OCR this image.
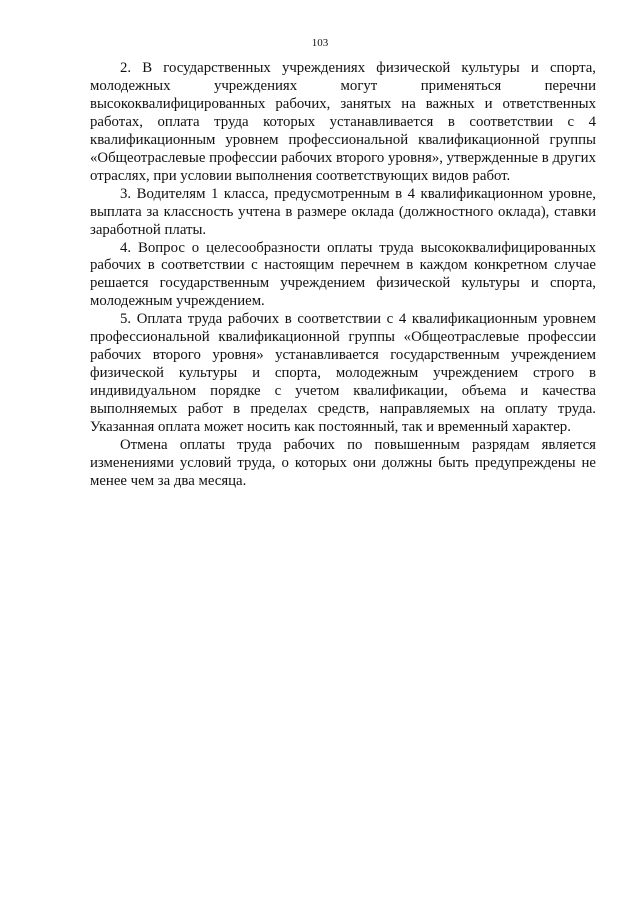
103

2. В государственных учреждениях физической культуры и спорта, молодежных учреждениях могут применяться перечни высококвалифицированных рабочих, занятых на важных и ответственных работах, оплата труда которых устанавливается в соответствии с 4 квалификационным уровнем профессиональной квалификационной группы «Общеотраслевые профессии рабочих второго уровня», утвержденные в других отраслях, при условии выполнения соответствующих видов работ.

3. Водителям 1 класса, предусмотренным в 4 квалификационном уровне, выплата за классность учтена в размере оклада (должностного оклада), ставки заработной платы.

4. Вопрос о целесообразности оплаты труда высококвалифицированных рабочих в соответствии с настоящим перечнем в каждом конкретном случае решается государственным учреждением физической культуры и спорта, молодежным учреждением.

5. Оплата труда рабочих в соответствии с 4 квалификационным уровнем профессиональной квалификационной группы «Общеотраслевые профессии рабочих второго уровня» устанавливается государственным учреждением физической культуры и спорта, молодежным учреждением строго в индивидуальном порядке с учетом квалификации, объема и качества выполняемых работ в пределах средств, направляемых на оплату труда. Указанная оплата может носить как постоянный, так и временный характер.

Отмена оплаты труда рабочих по повышенным разрядам является изменениями условий труда, о которых они должны быть предупреждены не менее чем за два месяца.
